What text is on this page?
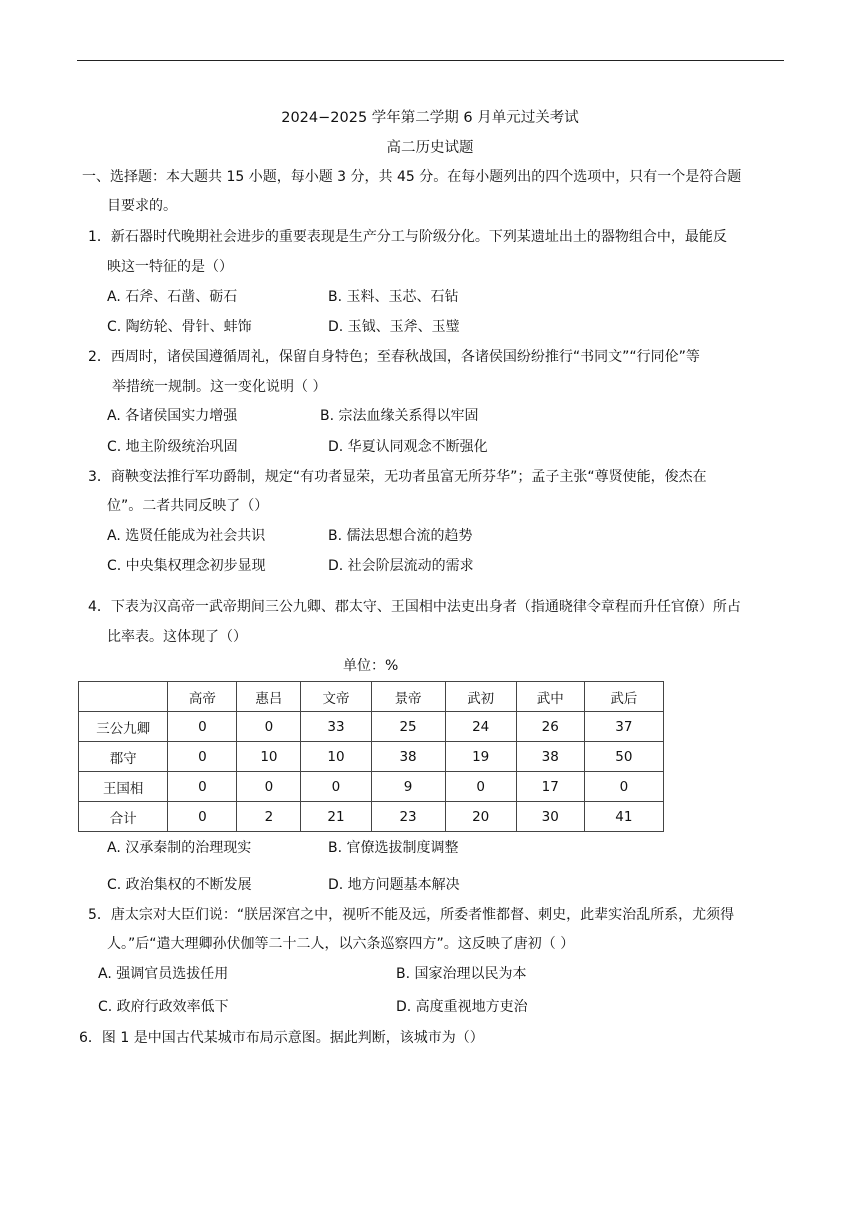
2024−2025 学年第二学期 6 月单元过关考试
高二历史试题
一、选择题：本大题共 15 小题，每小题 3 分，共 45 分。在每小题列出的四个选项中，只有一个是符合题
目要求的。
1．新石器时代晚期社会进步的重要表现是生产分工与阶级分化。下列某遗址出土的器物组合中，最能反
映这一特征的是（）
A. 石斧、石凿、砺石	B. 玉料、玉芯、石钻
C. 陶纺轮、骨针、蚌饰	D. 玉钺、玉斧、玉璧
2．西周时，诸侯国遵循周礼，保留自身特色；至春秋战国，各诸侯国纷纷推行“书同文”“行同伦”等
举措统一规制。这一变化说明（ ）
A. 各诸侯国实力增强	B. 宗法血缘关系得以牢固
C. 地主阶级统治巩固	D. 华夏认同观念不断强化
3．商鞅变法推行军功爵制，规定“有功者显荣，无功者虽富无所芬华”；孟子主张“尊贤使能，俊杰在
位”。二者共同反映了（）
A. 选贤任能成为社会共识	B. 儒法思想合流的趋势
C. 中央集权理念初步显现	D. 社会阶层流动的需求
4．下表为汉高帝一武帝期间三公九卿、郡太守、王国相中法吏出身者（指通晓律令章程而升任官僚）所占
比率表。这体现了（）
单位：%
	高帝	惠吕	文帝	景帝	武初	武中	武后
三公九卿	0	0	33	25	24	26	37
郡守	0	10	10	38	19	38	50
王国相	0	0	0	9	0	17	0
合计	0	2	21	23	20	30	41
A. 汉承秦制的治理现实	B. 官僚选拔制度调整
C. 政治集权的不断发展	D. 地方问题基本解决
5．唐太宗对大臣们说：“朕居深宫之中，视听不能及远，所委者惟都督、刺史，此辈实治乱所系，尤须得
人。”后“遣大理卿孙伏伽等二十二人，以六条巡察四方”。这反映了唐初（ ）
A. 强调官员选拔任用	B. 国家治理以民为本
C. 政府行政效率低下	D. 高度重视地方吏治
6．图 1 是中国古代某城市布局示意图。据此判断，该城市为（）
